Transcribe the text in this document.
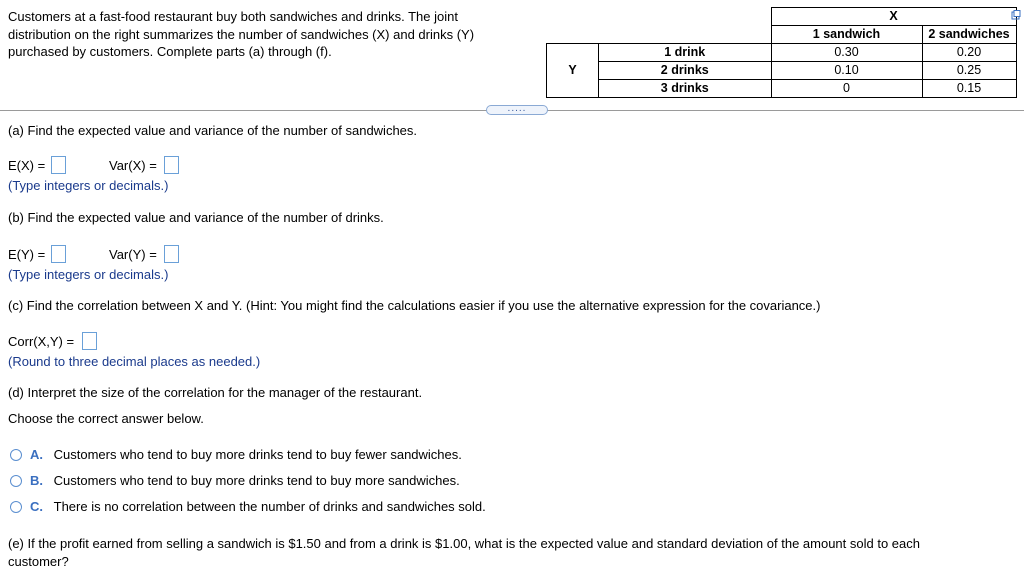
Customers at a fast-food restaurant buy both sandwiches and drinks. The joint
distribution on the right summarizes the number of sandwiches (X) and drinks (Y)
purchased by customers. Complete parts (a) through (f).
		X	
		1 sandwich	2 sandwiches
Y	1 drink	0.30	0.20
	2 drinks	0.10	0.25
	3 drinks	0	0.15
.....
(a) Find the expected value and variance of the number of sandwiches.
E(X) =	Var(X) =
(Type integers or decimals.)
(b) Find the expected value and variance of the number of drinks.
E(Y) =	Var(Y) =
(Type integers or decimals.)
(c) Find the correlation between X and Y. (Hint: You might find the calculations easier if you use the alternative expression for the covariance.)
Corr(X,Y) =
(Round to three decimal places as needed.)
(d) Interpret the size of the correlation for the manager of the restaurant.
Choose the correct answer below.
A. Customers who tend to buy more drinks tend to buy fewer sandwiches.
B. Customers who tend to buy more drinks tend to buy more sandwiches.
C. There is no correlation between the number of drinks and sandwiches sold.
(e) If the profit earned from selling a sandwich is $1.50 and from a drink is $1.00, what is the expected value and standard deviation of the amount sold to each
customer?
